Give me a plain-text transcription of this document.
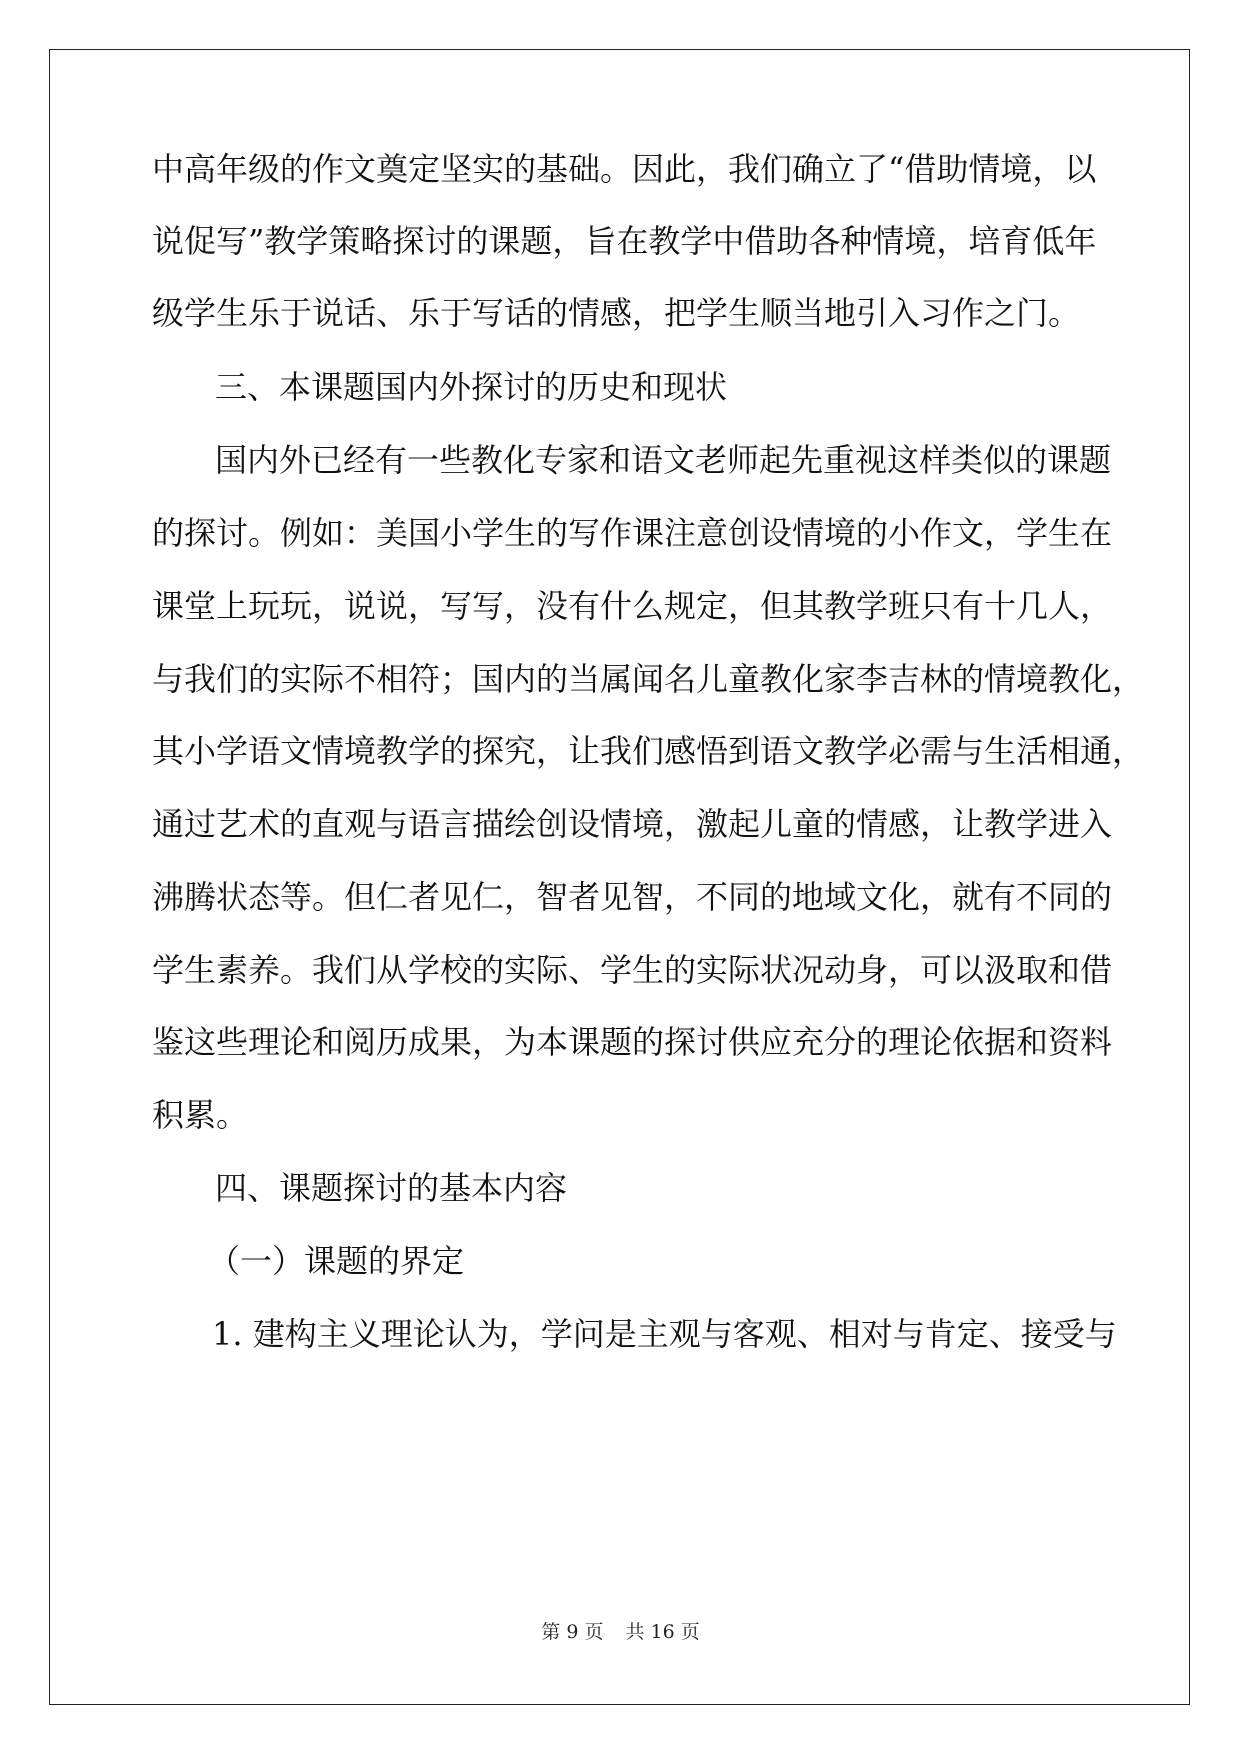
中高年级的作文奠定坚实的基础。因此，我们确立了“借助情境，以
说促写”教学策略探讨的课题，旨在教学中借助各种情境，培育低年
级学生乐于说话、乐于写话的情感，把学生顺当地引入习作之门。
三、本课题国内外探讨的历史和现状
国内外已经有一些教化专家和语文老师起先重视这样类似的课题
的探讨。例如：美国小学生的写作课注意创设情境的小作文，学生在
课堂上玩玩，说说，写写，没有什么规定，但其教学班只有十几人，
与我们的实际不相符；国内的当属闻名儿童教化家李吉林的情境教化，
其小学语文情境教学的探究，让我们感悟到语文教学必需与生活相通，
通过艺术的直观与语言描绘创设情境，激起儿童的情感，让教学进入
沸腾状态等。但仁者见仁，智者见智，不同的地域文化，就有不同的
学生素养。我们从学校的实际、学生的实际状况动身，可以汲取和借
鉴这些理论和阅历成果，为本课题的探讨供应充分的理论依据和资料
积累。
四、课题探讨的基本内容
（一）课题的界定
1. 建构主义理论认为，学问是主观与客观、相对与肯定、接受与
第 9 页 共 16 页
